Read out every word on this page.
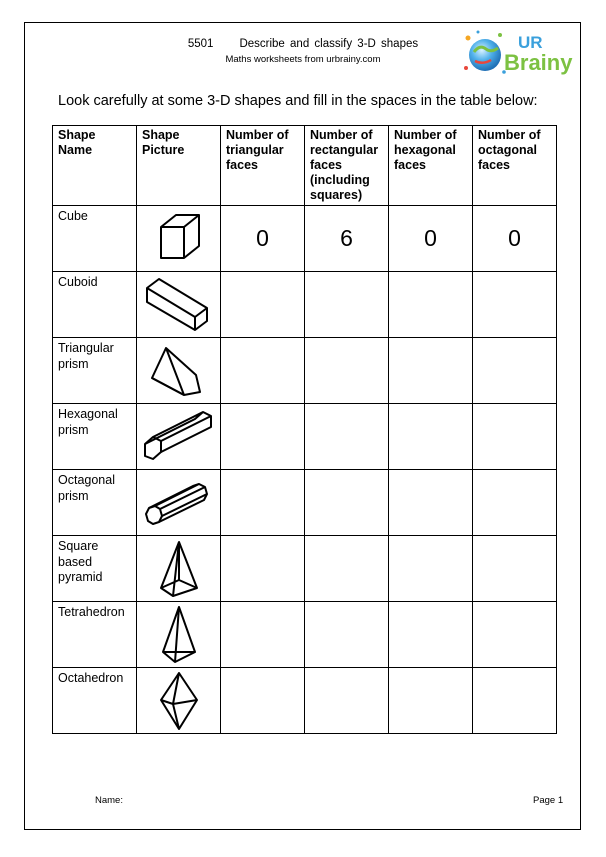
5501 Describe and classify 3-D shapes
Maths worksheets from urbrainy.com
UR
Brainy
Look carefully at some 3-D shapes and fill in the spaces in the table below:
Shape Name	Shape Picture	Number of triangular faces	Number of rectangular faces (including squares)	Number of hexagonal faces	Number of octagonal faces
Cube		0	6	0	0
Cuboid	

Triangular prism	

Hexagonal prism	

Octagonal prism	

Square based pyramid	

Tetrahedron	

Octahedron	

Name:	Page 1
